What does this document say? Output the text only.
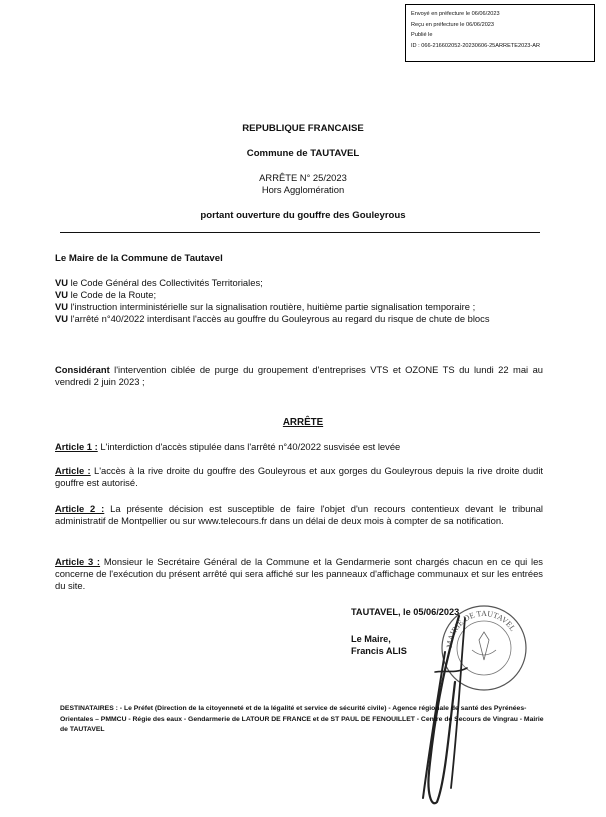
Envoyé en préfecture le 06/06/2023
Reçu en préfecture le 06/06/2023
Publié le
ID : 066-216602052-20230606-25ARRETE2023-AR
REPUBLIQUE FRANCAISE
Commune de TAUTAVEL
ARRÊTE N° 25/2023
Hors Agglomération
portant ouverture du gouffre des Gouleyrous
Le Maire de la Commune de Tautavel
VU le Code Général des Collectivités Territoriales;
VU le Code de la Route;
VU l'instruction interministérielle sur la signalisation routière, huitième partie signalisation temporaire ;
VU l'arrêté n°40/2022 interdisant l'accès au gouffre du Gouleyrous au regard du risque de chute de blocs
Considérant l'intervention ciblée de purge du groupement d'entreprises VTS et OZONE TS du lundi 22 mai au vendredi 2 juin 2023 ;
ARRÊTE
Article 1 : L'interdiction d'accès stipulée dans l'arrêté n°40/2022 susvisée est levée
Article : L'accès à la rive droite du gouffre des Gouleyrous et aux gorges du Gouleyrous depuis la rive droite dudit gouffre est autorisé.
Article 2 : La présente décision est susceptible de faire l'objet d'un recours contentieux devant le tribunal administratif de Montpellier ou sur www.telecours.fr dans un délai de deux mois à compter de sa notification.
Article 3 : Monsieur le Secrétaire Général de la Commune et la Gendarmerie sont chargés chacun en ce qui les concerne de l'exécution du présent arrêté qui sera affiché sur les panneaux d'affichage communaux et sur les entrées du site.
TAUTAVEL, le 05/06/2023
Le Maire,
Francis ALIS
MAIRIE DE TAUTAVEL
DESTINATAIRES : - Le Préfet (Direction de la citoyenneté et de la légalité et service de sécurité civile) - Agence régionale de santé des Pyrénées-Orientales – PMMCU - Régie des eaux - Gendarmerie de LATOUR DE FRANCE et de ST PAUL DE FENOUILLET - Centre de Secours de Vingrau - Mairie de TAUTAVEL
